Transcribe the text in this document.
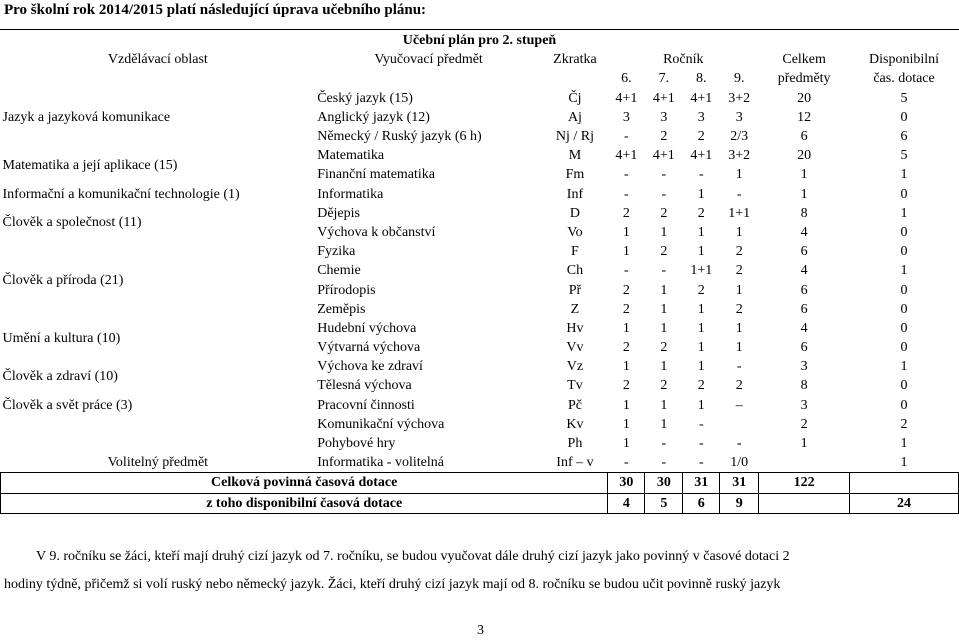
Pro školní rok 2014/2015 platí následující úprava učebního plánu:
Učební plán pro 2. stupeň								
Vzdělávací oblast	Vyučovací předmět	Zkratka	Ročník				Celkem	Disponibilní
			6.	7.	8.	9.	předměty	čas. dotace
Jazyk a jazyková komunikace	Český jazyk (15)	Čj	4+1	4+1	4+1	3+2	20	5
	Anglický jazyk (12)	Aj	3	3	3	3	12	0
	Německý / Ruský jazyk (6 h)	Nj / Rj	-	2	2	2/3	6	6
Matematika a její aplikace (15)	Matematika	M	4+1	4+1	4+1	3+2	20	5
	Finanční matematika	Fm	-	-	-	1	1	1
Informační a komunikační technologie (1)	Informatika	Inf	-	-	1	-	1	0
Člověk a společnost (11)	Dějepis	D	2	2	2	1+1	8	1
	Výchova k občanství	Vo	1	1	1	1	4	0
Člověk a příroda (21)	Fyzika	F	1	2	1	2	6	0
	Chemie	Ch	-	-	1+1	2	4	1
	Přírodopis	Př	2	1	2	1	6	0
	Zeměpis	Z	2	1	1	2	6	0
Umění a kultura (10)	Hudební výchova	Hv	1	1	1	1	4	0
	Výtvarná výchova	Vv	2	2	1	1	6	0
Člověk a zdraví (10)	Výchova ke zdraví	Vz	1	1	1	-	3	1
	Tělesná výchova	Tv	2	2	2	2	8	0
Člověk a svět práce (3)	Pracovní činnosti	Pč	1	1	1	–	3	0
	Komunikační výchova	Kv	1	1	-		2	2
	Pohybové hry	Ph	1	-	-	-	1	1
Volitelný předmět	Informatika - volitelná	Inf – v	-	-	-	1/0		1
Celková povinná časová dotace			30	30	31	31	122	
z toho disponibilní časová dotace			4	5	6	9		24
V 9. ročníku se žáci, kteří mají druhý cizí jazyk od 7. ročníku, se budou vyučovat dále druhý cizí jazyk jako povinný v časové dotaci 2
hodiny týdně, přičemž si volí ruský nebo německý jazyk. Žáci, kteří druhý cizí jazyk mají od 8. ročníku se budou učit povinně ruský jazyk
3
